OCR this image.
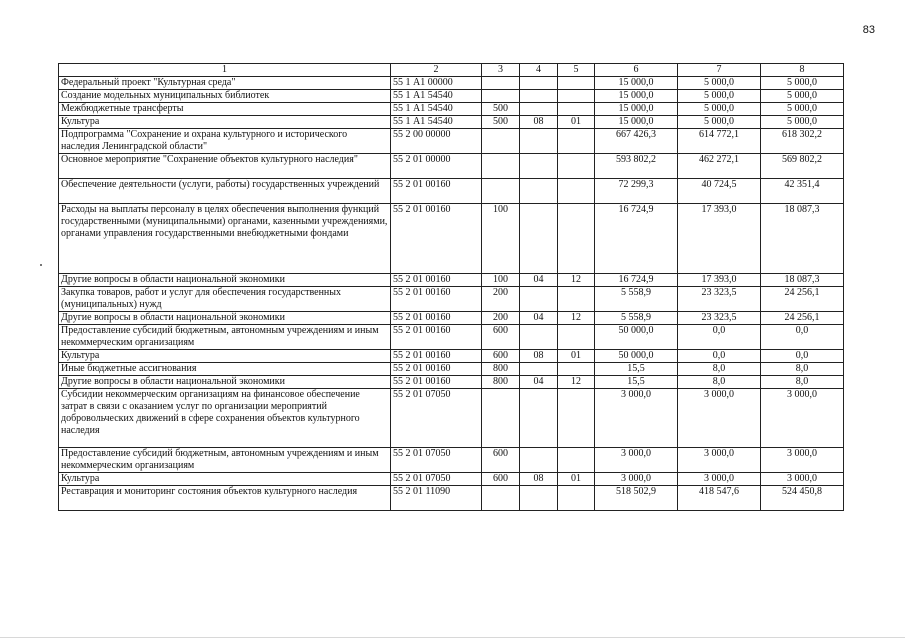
83
1	2	3	4	5	6	7	8
Федеральный проект "Культурная среда"	55 1 А1 00000				15 000,0	5 000,0	5 000,0
Создание модельных муниципальных библиотек	55 1 А1 54540				15 000,0	5 000,0	5 000,0
Межбюджетные трансферты	55 1 А1 54540	500			15 000,0	5 000,0	5 000,0
Культура	55 1 А1 54540	500	08	01	15 000,0	5 000,0	5 000,0
Подпрограмма "Сохранение и охрана культурного и исторического наследия Ленинградской области"	55 2 00 00000				667 426,3	614 772,1	618 302,2
Основное мероприятие "Сохранение объектов культурного наследия"	55 2 01 00000				593 802,2	462 272,1	569 802,2
Обеспечение деятельности (услуги, работы) государственных учреждений	55 2 01 00160				72 299,3	40 724,5	42 351,4
Расходы на выплаты персоналу в целях обеспечения выполнения функций государственными (муниципальными) органами, казенными учреждениями, органами управления государственными внебюджетными фондами	55 2 01 00160	100			16 724,9	17 393,0	18 087,3
Другие вопросы в области национальной экономики	55 2 01 00160	100	04	12	16 724,9	17 393,0	18 087,3
Закупка товаров, работ и услуг для обеспечения государственных (муниципальных) нужд	55 2 01 00160	200			5 558,9	23 323,5	24 256,1
Другие вопросы в области национальной экономики	55 2 01 00160	200	04	12	5 558,9	23 323,5	24 256,1
Предоставление субсидий бюджетным, автономным учреждениям и иным некоммерческим организациям	55 2 01 00160	600			50 000,0	0,0	0,0
Культура	55 2 01 00160	600	08	01	50 000,0	0,0	0,0
Иные бюджетные ассигнования	55 2 01 00160	800			15,5	8,0	8,0
Другие вопросы в области национальной экономики	55 2 01 00160	800	04	12	15,5	8,0	8,0
Субсидии некоммерческим организациям на финансовое обеспечение затрат в связи с оказанием услуг по организации мероприятий добровольческих движений в сфере сохранения объектов культурного наследия	55 2 01 07050				3 000,0	3 000,0	3 000,0
Предоставление субсидий бюджетным, автономным учреждениям и иным некоммерческим организациям	55 2 01 07050	600			3 000,0	3 000,0	3 000,0
Культура	55 2 01 07050	600	08	01	3 000,0	3 000,0	3 000,0
Реставрация и мониторинг состояния объектов культурного наследия	55 2 01 11090				518 502,9	418 547,6	524 450,8
